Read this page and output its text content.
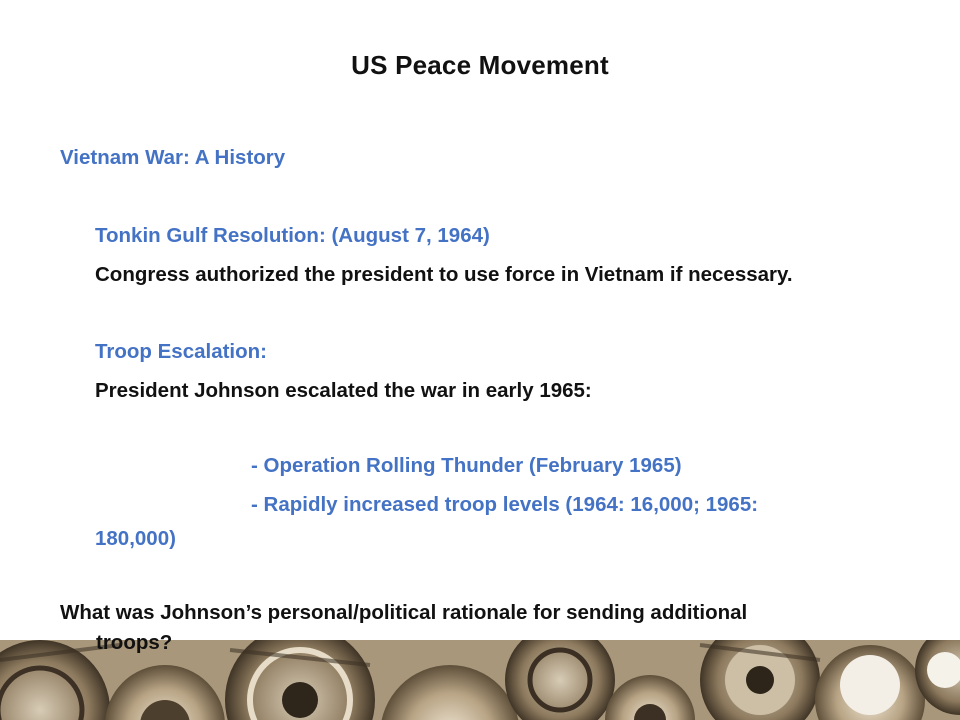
US Peace Movement
Vietnam War: A History
Tonkin Gulf Resolution: (August 7, 1964)
Congress authorized the president to use force in Vietnam if necessary.
Troop Escalation:
President Johnson escalated the war in early 1965:
- Operation Rolling Thunder (February 1965)
- Rapidly increased troop levels (1964: 16,000; 1965:
180,000)
What was Johnson’s personal/political rationale for sending additional
troops?
